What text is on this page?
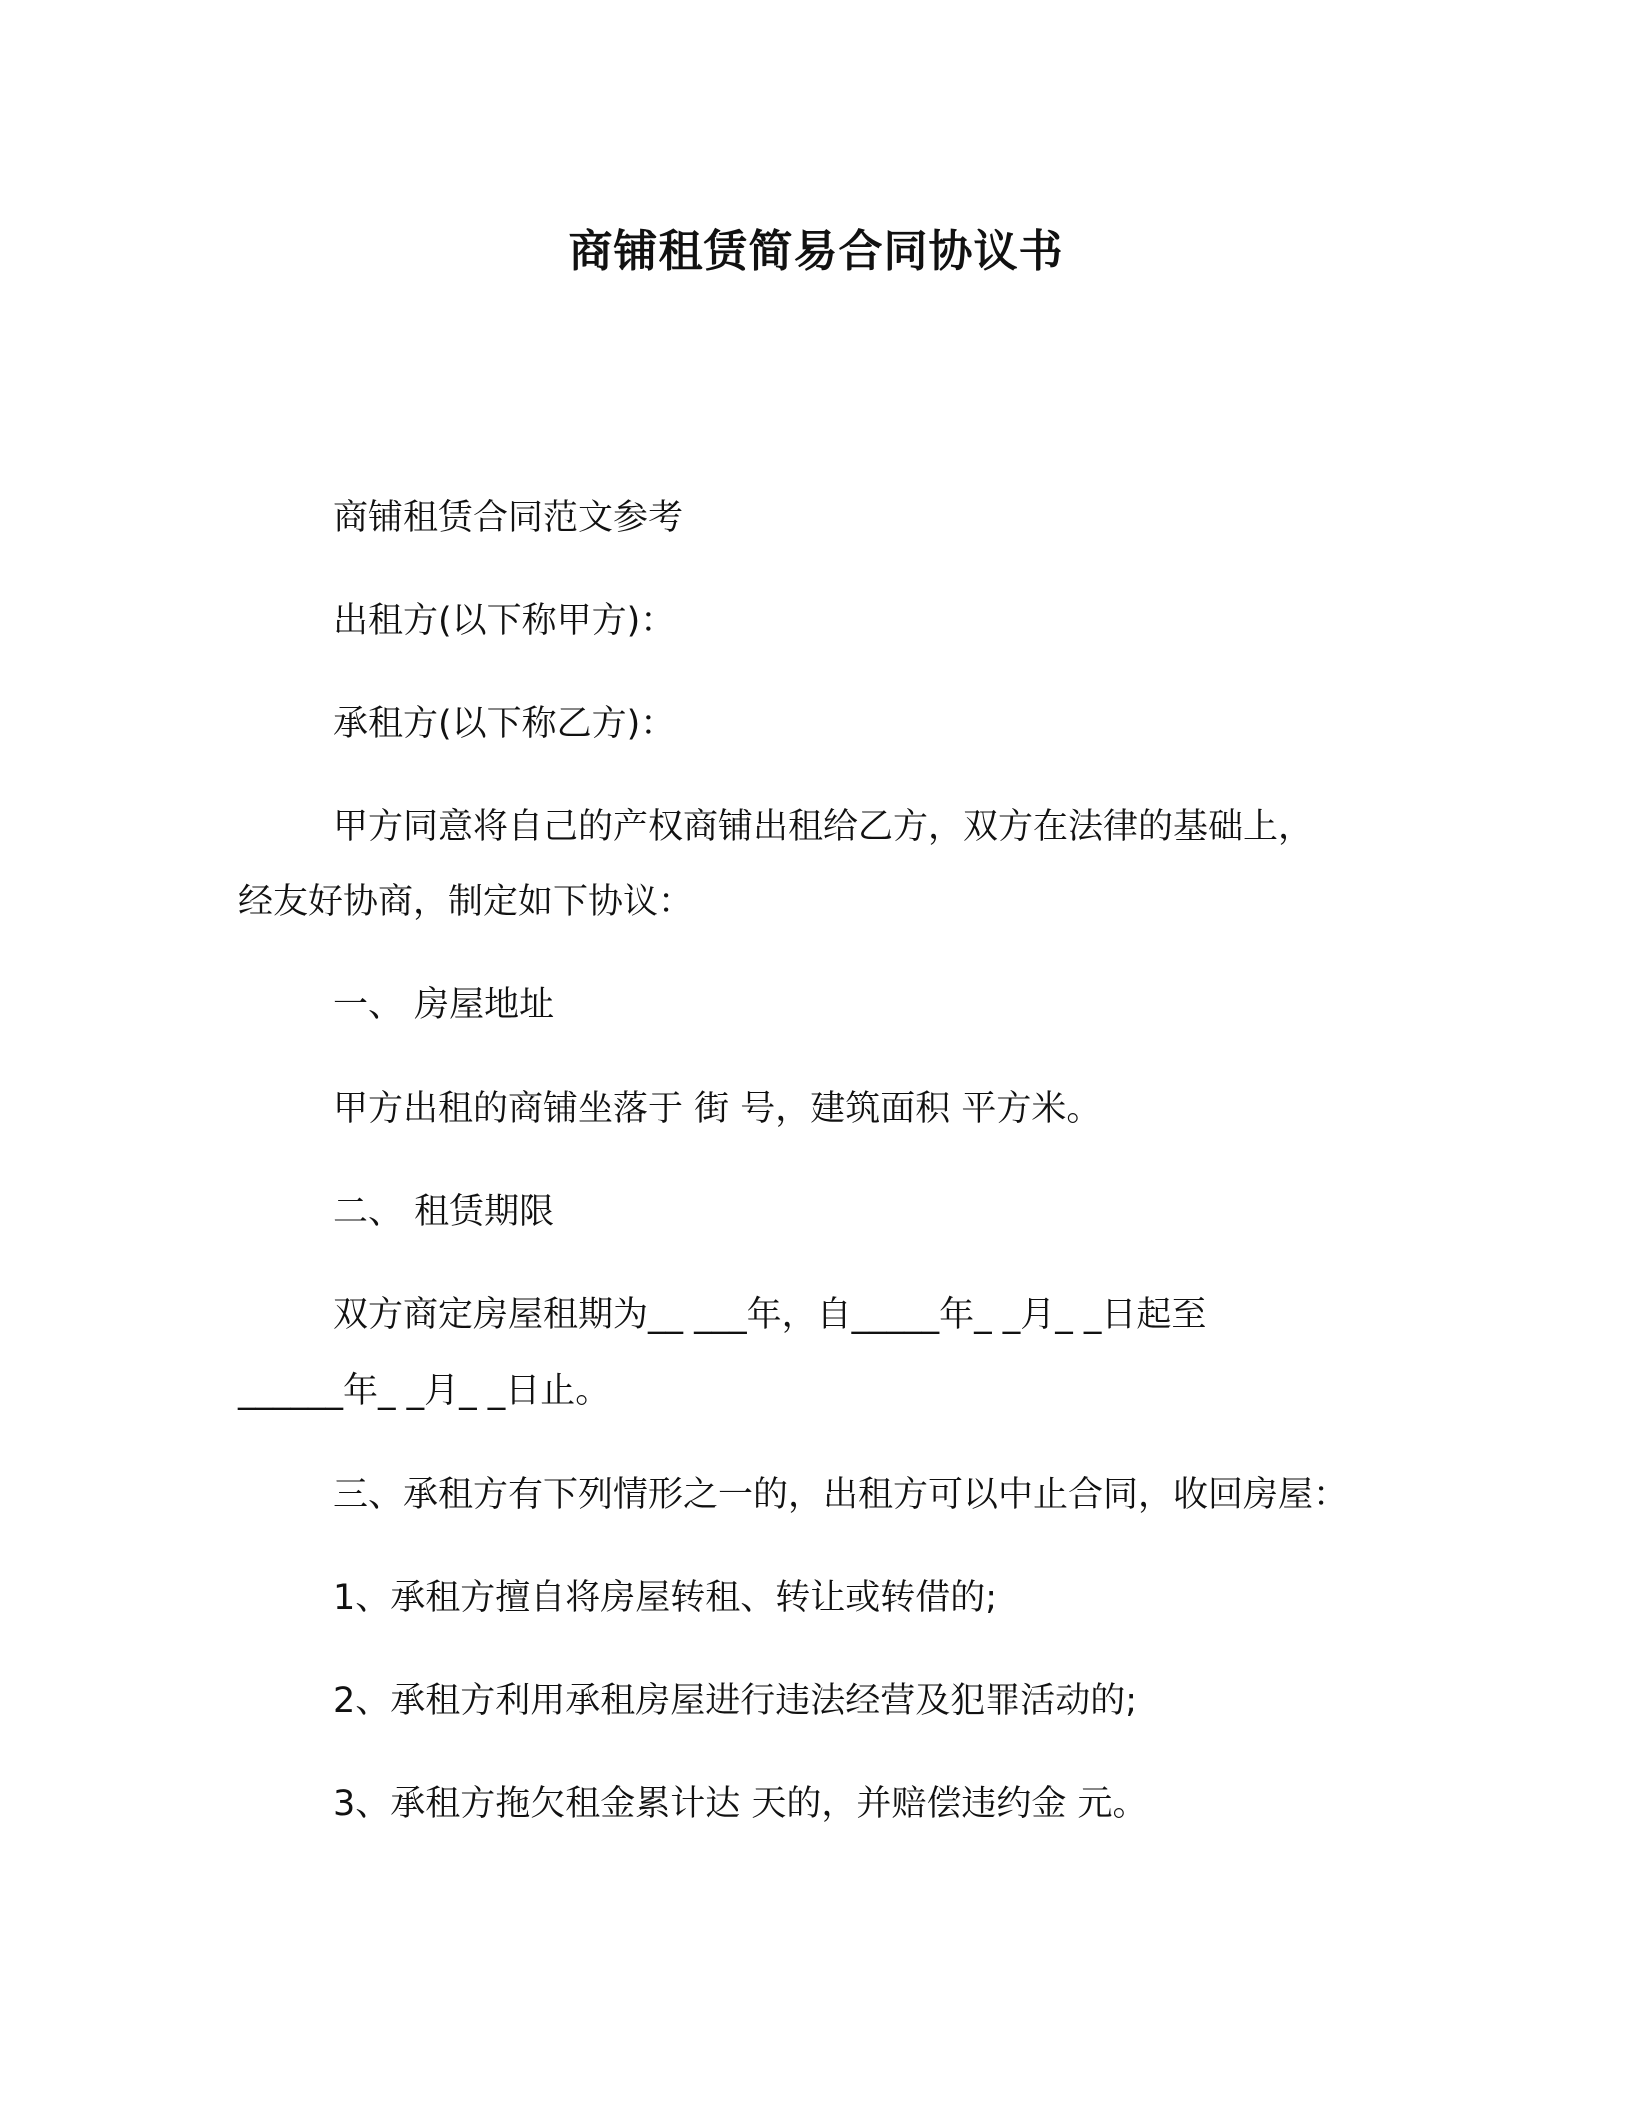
商铺租赁简易合同协议书
商铺租赁合同范文参考
出租方(以下称甲方)：
承租方(以下称乙方)：
甲方同意将自己的产权商铺出租给乙方，双方在法律的基础上，
经友好协商，制定如下协议：
一、 房屋地址
甲方出租的商铺坐落于 街 号，建筑面积 平方米。
二、 租赁期限
双方商定房屋租期为__ ___年，自_____年_ _月_ _日起至
______年_ _月_ _日止。
三、承租方有下列情形之一的，出租方可以中止合同，收回房屋：
1、承租方擅自将房屋转租、转让或转借的;
2、承租方利用承租房屋进行违法经营及犯罪活动的;
3、承租方拖欠租金累计达 天的，并赔偿违约金 元。
